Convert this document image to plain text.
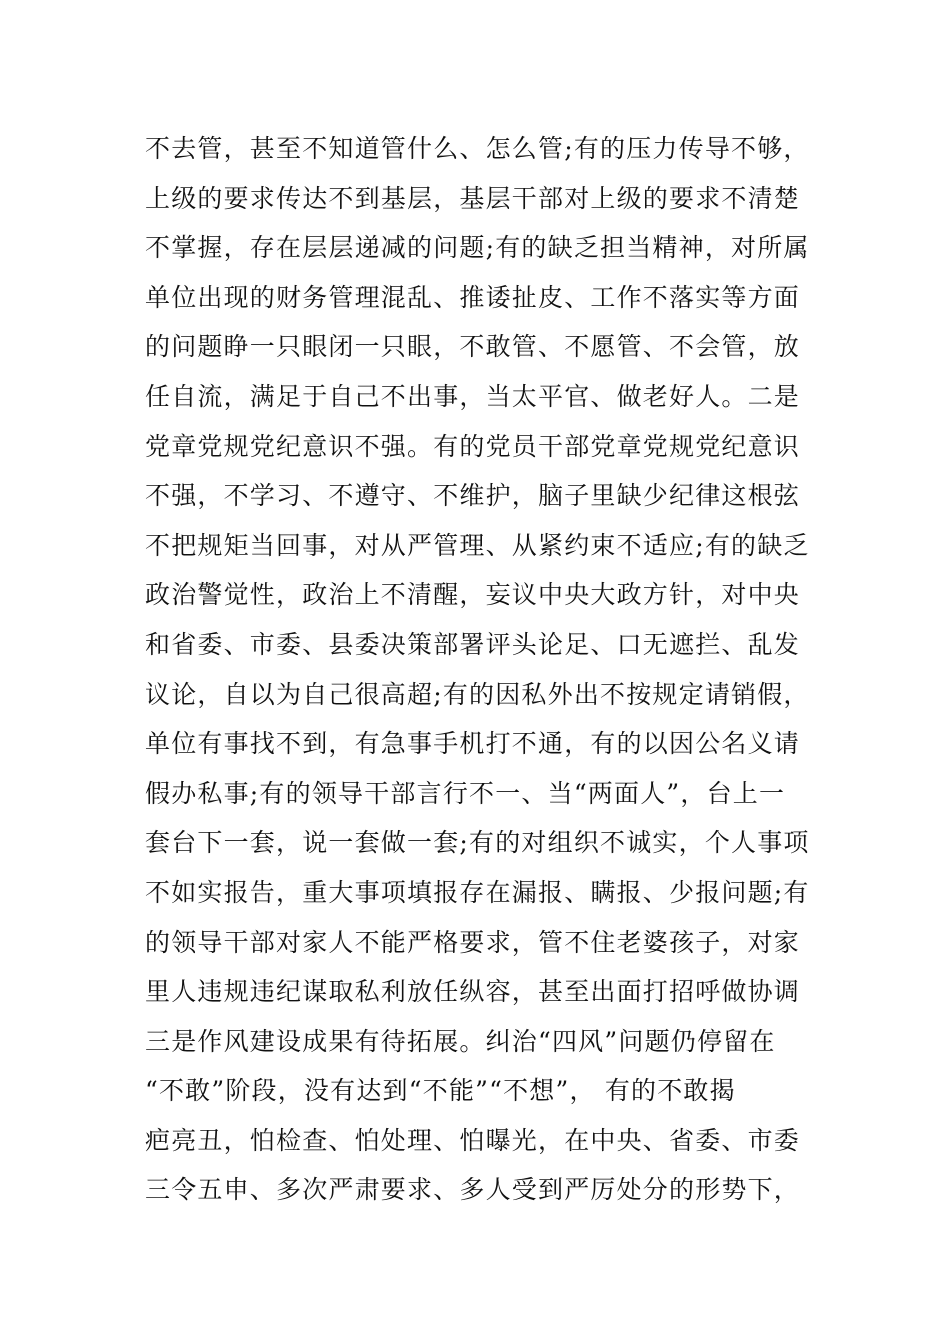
不去管，甚至不知道管什么、怎么管;有的压力传导不够，
上级的要求传达不到基层，基层干部对上级的要求不清楚
不掌握，存在层层递减的问题;有的缺乏担当精神，对所属
单位出现的财务管理混乱、推诿扯皮、工作不落实等方面
的问题睁一只眼闭一只眼，不敢管、不愿管、不会管，放
任自流，满足于自己不出事，当太平官、做老好人。二是
党章党规党纪意识不强。有的党员干部党章党规党纪意识
不强，不学习、不遵守、不维护，脑子里缺少纪律这根弦
不把规矩当回事，对从严管理、从紧约束不适应;有的缺乏
政治警觉性，政治上不清醒，妄议中央大政方针，对中央
和省委、市委、县委决策部署评头论足、口无遮拦、乱发
议论，自以为自己很高超;有的因私外出不按规定请销假，
单位有事找不到，有急事手机打不通，有的以因公名义请
假办私事;有的领导干部言行不一、当“两面人”，台上一
套台下一套，说一套做一套;有的对组织不诚实，个人事项
不如实报告，重大事项填报存在漏报、瞒报、少报问题;有
的领导干部对家人不能严格要求，管不住老婆孩子，对家
里人违规违纪谋取私利放任纵容，甚至出面打招呼做协调
三是作风建设成果有待拓展。纠治“四风”问题仍停留在
“不敢”阶段，没有达到“不能”“不想”， 有的不敢揭
疤亮丑，怕检查、怕处理、怕曝光，在中央、省委、市委
三令五申、多次严肃要求、多人受到严厉处分的形势下，
